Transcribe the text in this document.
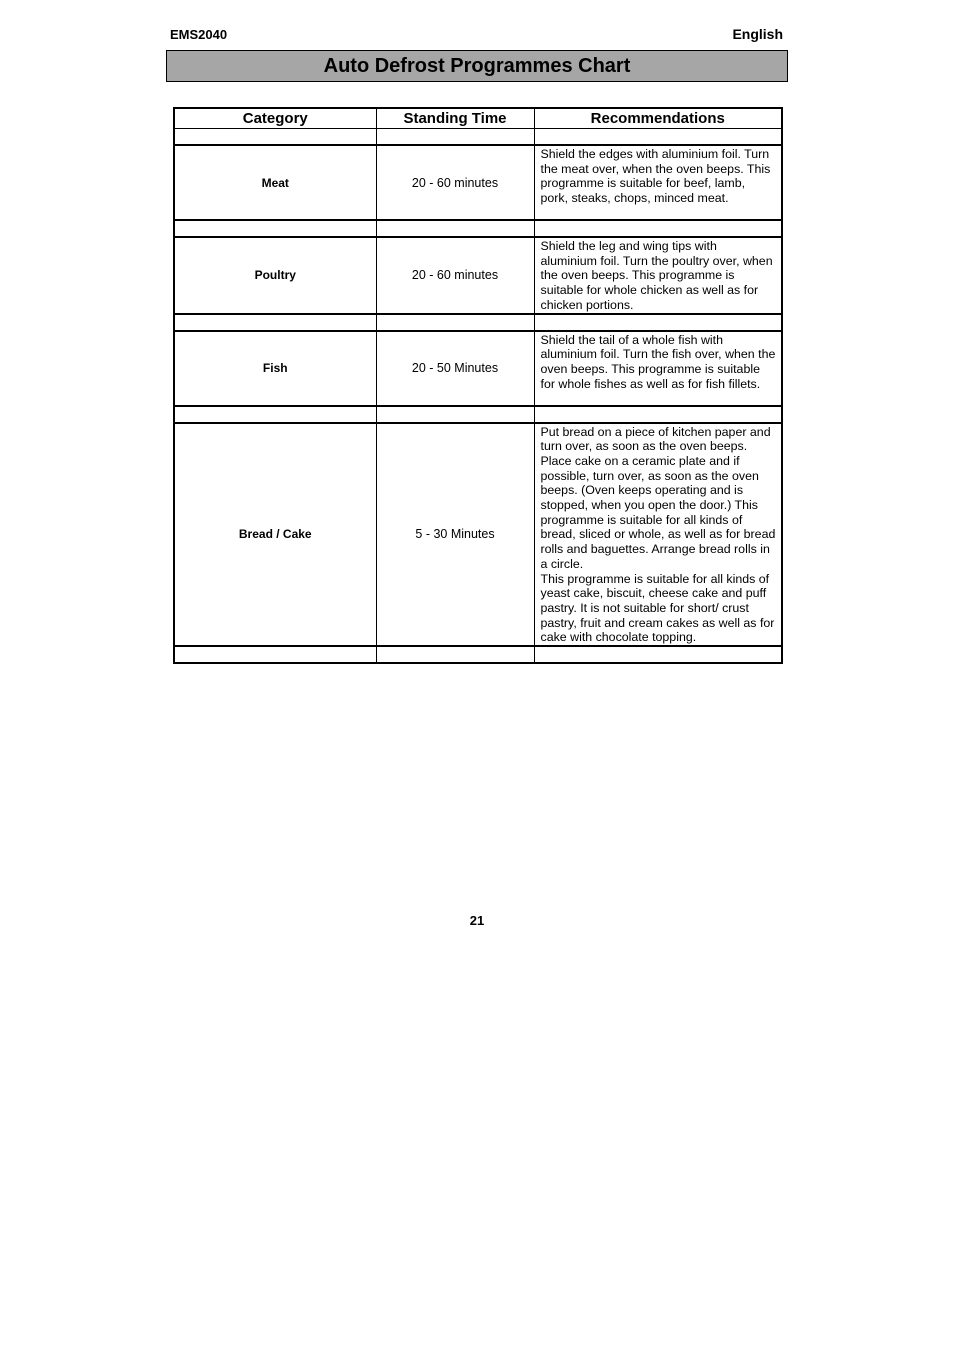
EMS2040	English
Auto Defrost Programmes Chart
Category	Standing Time	Recommendations

Meat	20 - 60 minutes	Shield the edges with aluminium foil. Turn the meat over, when the oven beeps. This programme is suitable for beef, lamb, pork, steaks, chops, minced meat.

Poultry	20 - 60 minutes	Shield the leg and wing tips with aluminium foil. Turn the poultry over, when the oven beeps. This programme is suitable for whole chicken as well as for chicken portions.

Fish	20 - 50 Minutes	Shield the tail of a whole fish with aluminium foil. Turn the fish over, when the oven beeps. This programme is suitable for whole fishes as well as for fish fillets.

Bread / Cake	5 - 30 Minutes	Put bread on a piece of kitchen paper and turn over, as soon as the oven beeps. Place cake on a ceramic plate and if possible, turn over, as soon as the oven beeps. (Oven keeps operating and is stopped, when you open the door.) This programme is suitable for all kinds of bread, sliced or whole, as well as for bread rolls and baguettes. Arrange bread rolls in a circle.
This programme is suitable for all kinds of yeast cake, biscuit, cheese cake and puff pastry. It is not suitable for short/ crust pastry, fruit and cream cakes as well as for cake with chocolate topping.

21
